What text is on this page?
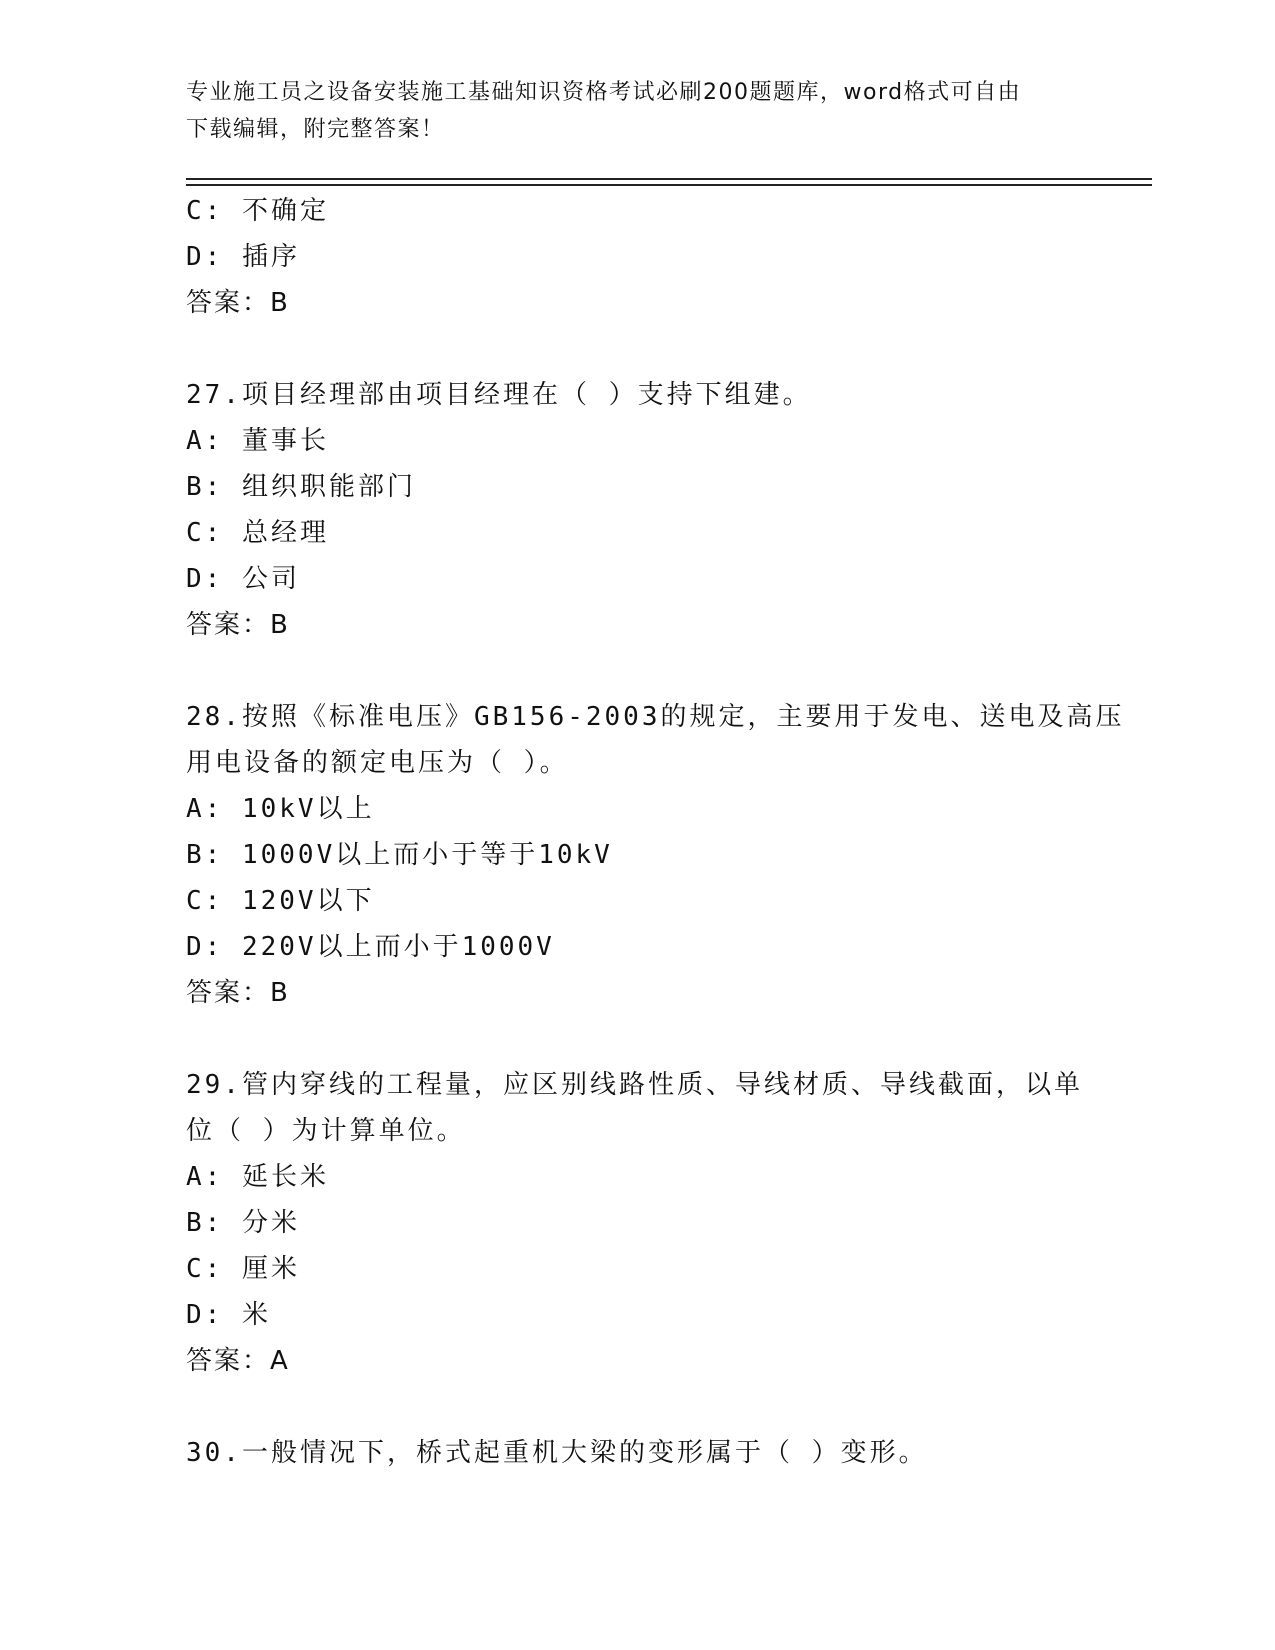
专业施工员之设备安装施工基础知识资格考试必刷200题题库，word格式可自由
下载编辑，附完整答案！
C: 不确定
D: 插序
答案：B
27.项目经理部由项目经理在（ ）支持下组建。
A: 董事长
B: 组织职能部门
C: 总经理
D: 公司
答案：B
28.按照《标准电压》GB156-2003的规定，主要用于发电、送电及高压
用电设备的额定电压为（ ）。
A: 10kV以上
B: 1000V以上而小于等于10kV
C: 120V以下
D: 220V以上而小于1000V
答案：B
29.管内穿线的工程量，应区别线路性质、导线材质、导线截面，以单
位（ ）为计算单位。
A: 延长米
B: 分米
C: 厘米
D: 米
答案：A
30.一般情况下，桥式起重机大梁的变形属于（ ）变形。
